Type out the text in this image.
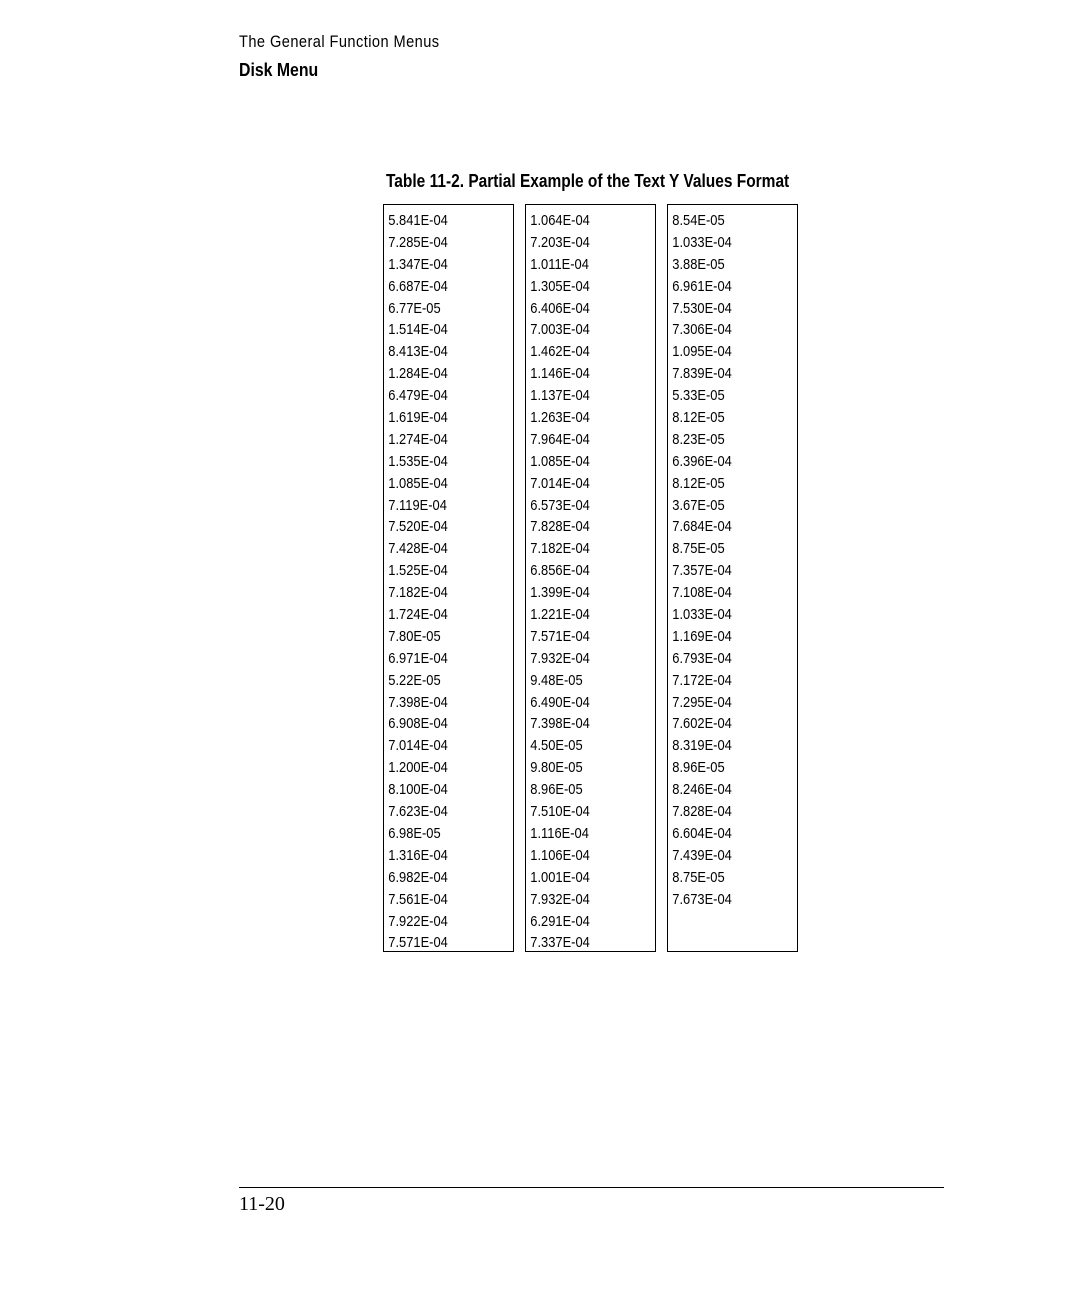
The General Function Menus
Disk Menu
Table 11-2. Partial Example of the Text Y Values Format
5.841E-04
7.285E-04
1.347E-04
6.687E-04
6.77E-05
1.514E-04
8.413E-04
1.284E-04
6.479E-04
1.619E-04
1.274E-04
1.535E-04
1.085E-04
7.119E-04
7.520E-04
7.428E-04
1.525E-04
7.182E-04
1.724E-04
7.80E-05
6.971E-04
5.22E-05
7.398E-04
6.908E-04
7.014E-04
1.200E-04
8.100E-04
7.623E-04
6.98E-05
1.316E-04
6.982E-04
7.561E-04
7.922E-04
7.571E-04
1.064E-04
7.203E-04
1.011E-04
1.305E-04
6.406E-04
7.003E-04
1.462E-04
1.146E-04
1.137E-04
1.263E-04
7.964E-04
1.085E-04
7.014E-04
6.573E-04
7.828E-04
7.182E-04
6.856E-04
1.399E-04
1.221E-04
7.571E-04
7.932E-04
9.48E-05
6.490E-04
7.398E-04
4.50E-05
9.80E-05
8.96E-05
7.510E-04
1.116E-04
1.106E-04
1.001E-04
7.932E-04
6.291E-04
7.337E-04
8.54E-05
1.033E-04
3.88E-05
6.961E-04
7.530E-04
7.306E-04
1.095E-04
7.839E-04
5.33E-05
8.12E-05
8.23E-05
6.396E-04
8.12E-05
3.67E-05
7.684E-04
8.75E-05
7.357E-04
7.108E-04
1.033E-04
1.169E-04
6.793E-04
7.172E-04
7.295E-04
7.602E-04
8.319E-04
8.96E-05
8.246E-04
7.828E-04
6.604E-04
7.439E-04
8.75E-05
7.673E-04
11-20
